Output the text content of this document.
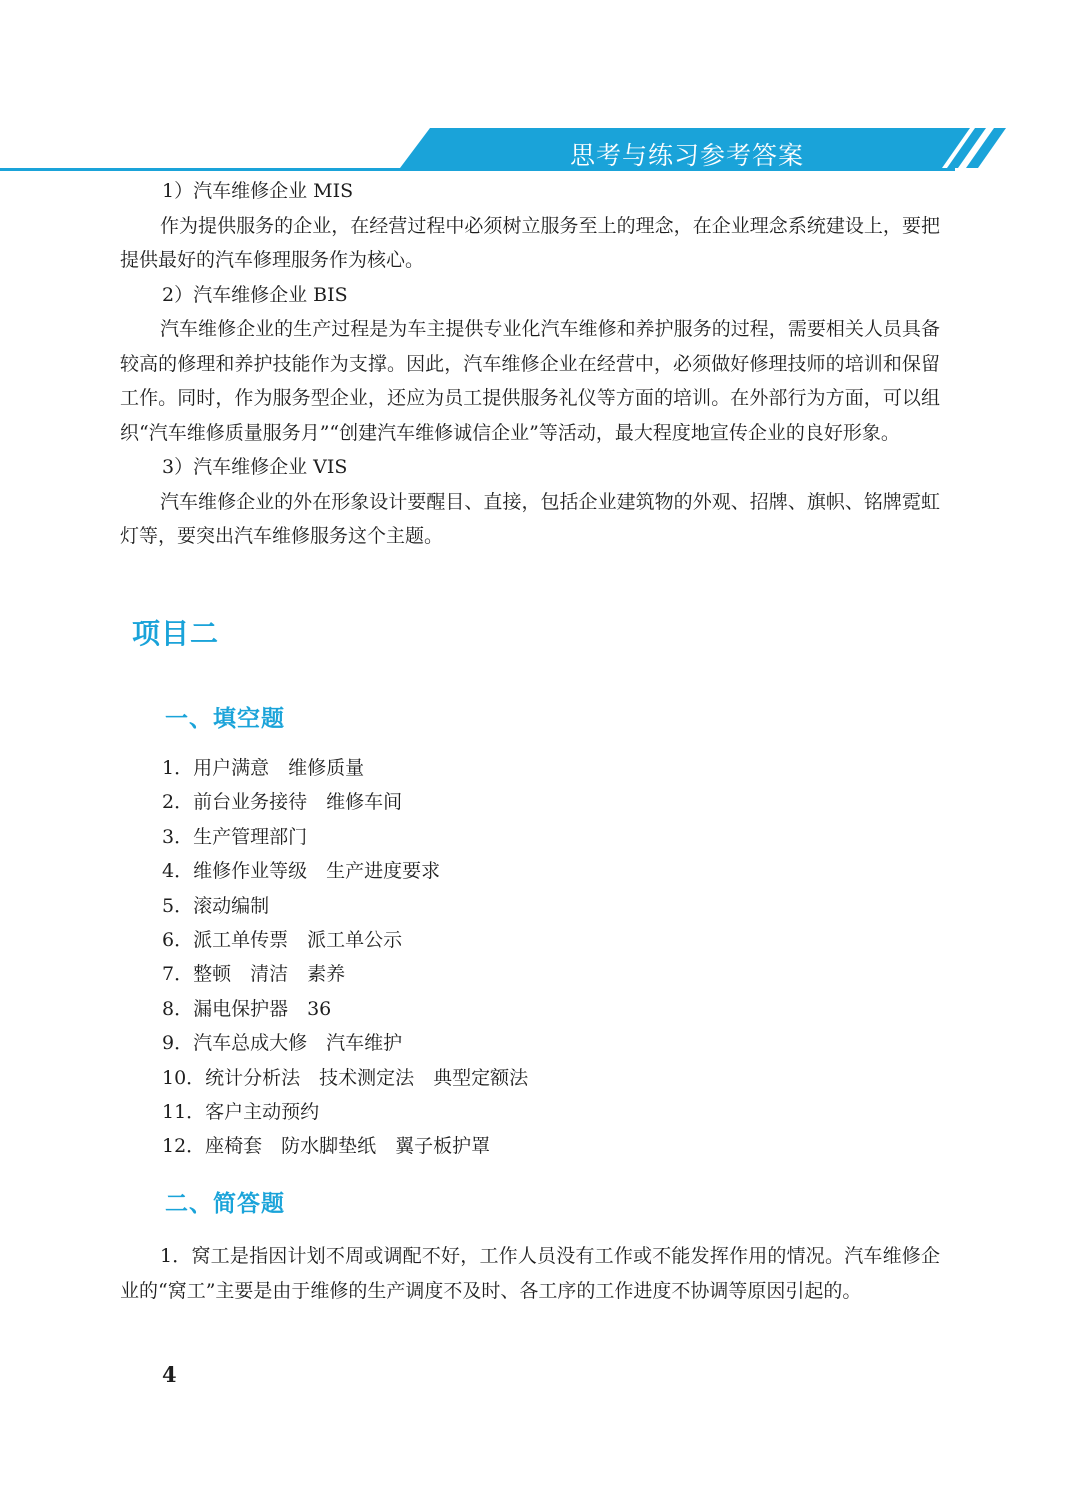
思考与练习参考答案

1）汽车维修企业 MIS

作为提供服务的企业，在经营过程中必须树立服务至上的理念，在企业理念系统建设上，要把提供最好的汽车修理服务作为核心。

2）汽车维修企业 BIS

汽车维修企业的生产过程是为车主提供专业化汽车维修和养护服务的过程，需要相关人员具备较高的修理和养护技能作为支撑。因此，汽车维修企业在经营中，必须做好修理技师的培训和保留工作。同时，作为服务型企业，还应为员工提供服务礼仪等方面的培训。在外部行为方面，可以组织“汽车维修质量服务月”“创建汽车维修诚信企业”等活动，最大程度地宣传企业的良好形象。

3）汽车维修企业 VIS

汽车维修企业的外在形象设计要醒目、直接，包括企业建筑物的外观、招牌、旗帜、铭牌霓虹灯等，要突出汽车维修服务这个主题。

项目二
一、填空题

1．用户满意　维修质量

2．前台业务接待　维修车间

3．生产管理部门

4．维修作业等级　生产进度要求

5．滚动编制

6．派工单传票　派工单公示

7．整顿　清洁　素养

8．漏电保护器　36

9．汽车总成大修　汽车维护

10．统计分析法　技术测定法　典型定额法

11．客户主动预约

12．座椅套　防水脚垫纸　翼子板护罩

二、简答题

1．窝工是指因计划不周或调配不好，工作人员没有工作或不能发挥作用的情况。汽车维修企业的“窝工”主要是由于维修的生产调度不及时、各工序的工作进度不协调等原因引起的。

4
